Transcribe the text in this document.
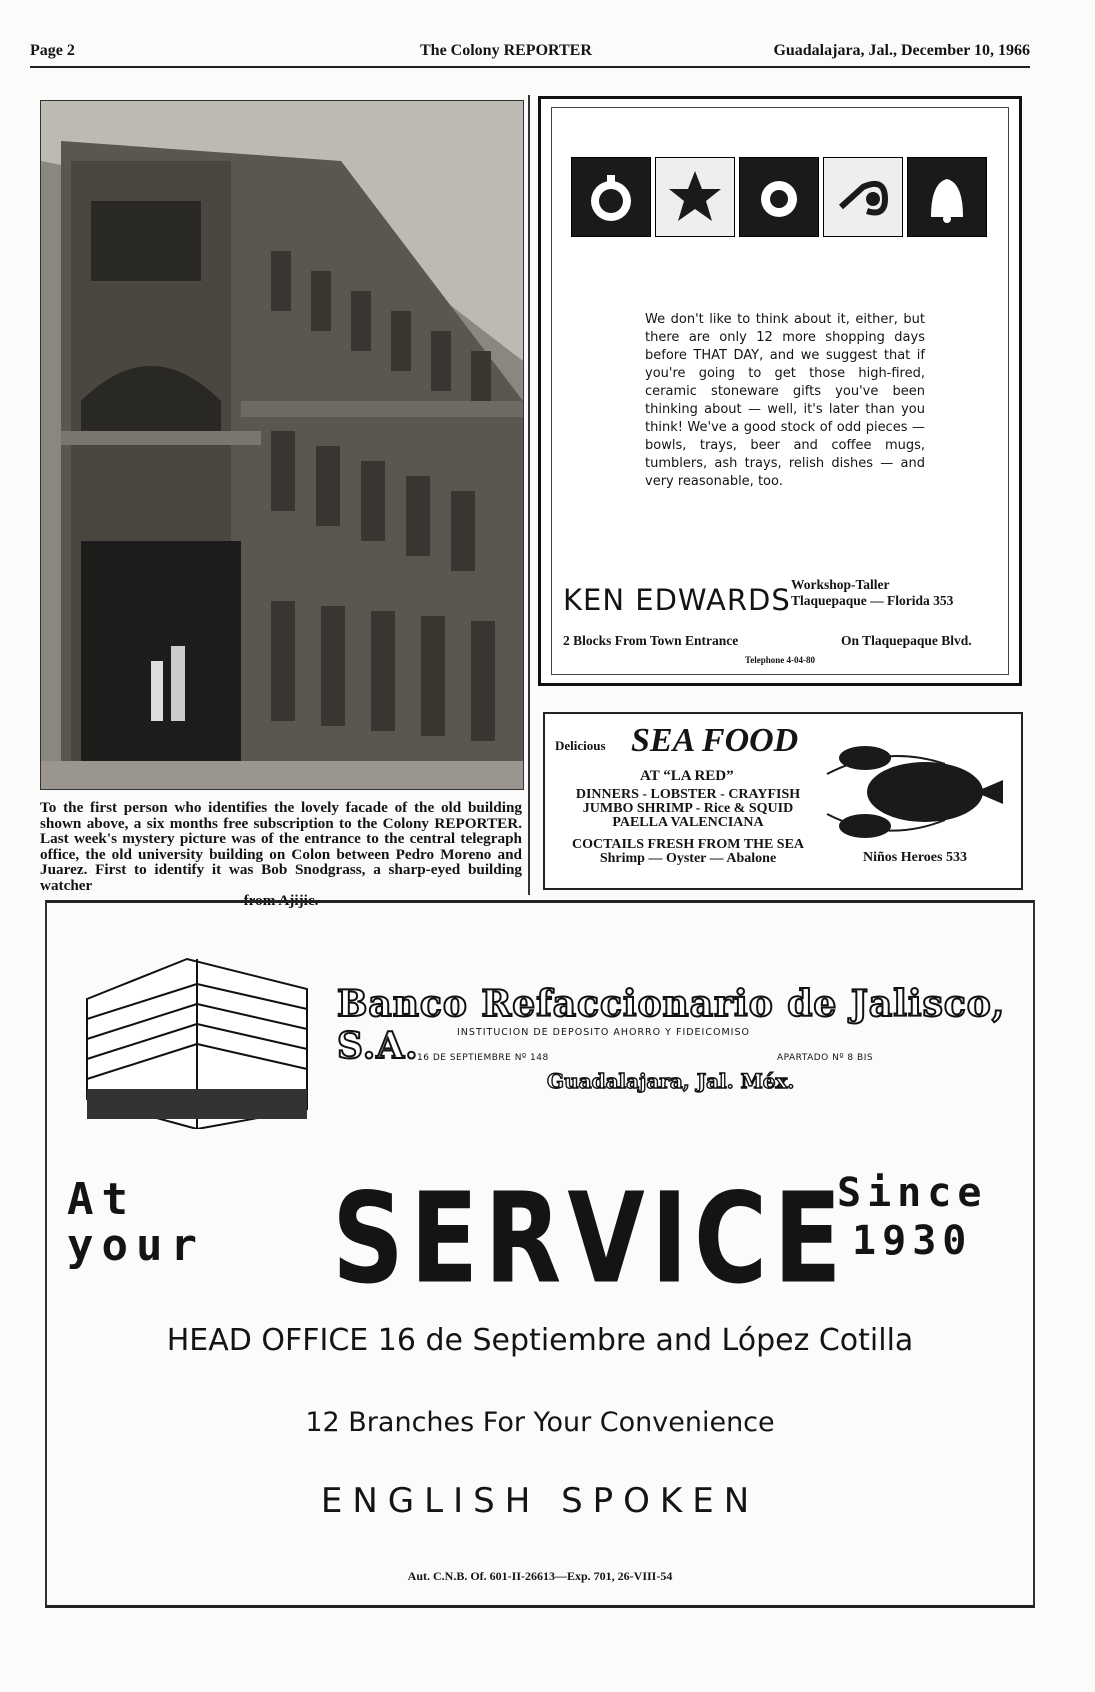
Page 2	The Colony REPORTER	Guadalajara, Jal., December 10, 1966
To the first person who identifies the lovely facade of the old building shown above, a six months free subscription to the Colony REPORTER. Last week's mystery picture was of the entrance to the central telegraph office, the old university building on Colon between Pedro Moreno and Juarez. First to identify it was Bob Snodgrass, a sharp-eyed building watcher
from Ajijic.
We don't like to think about it, either, but there are only 12 more shopping days before THAT DAY, and we suggest that if you're going to get those high-fired, ceramic stoneware gifts you've been thinking about — well, it's later than you think! We've a good stock of odd pieces — bowls, trays, beer and coffee mugs, tumblers, ash trays, relish dishes — and very reasonable, too.
KEN EDWARDS Workshop-Taller
Tlaquepaque — Florida 353
2 Blocks From Town Entrance	On Tlaquepaque Blvd.
Telephone 4-04-80
Delicious SEA FOOD
AT “LA RED”
DINNERS - LOBSTER - CRAYFISH
JUMBO SHRIMP - Rice & SQUID
PAELLA VALENCIANA
COCTAILS FRESH FROM THE SEA
Shrimp — Oyster — Abalone	Niños Heroes 533
Banco Refaccionario de Jalisco, S.A.	INSTITUCION DE DEPOSITO AHORRO Y FIDEICOMISO
16 DE SEPTIEMBRE Nº 148	APARTADO Nº 8 BIS
Guadalajara, Jal. Méx.
At
your SERVICE
Since
1930
HEAD OFFICE 16 de Septiembre and López Cotilla
12 Branches For Your Convenience
ENGLISH SPOKEN
Aut. C.N.B. Of. 601-II-26613—Exp. 701, 26-VIII-54
